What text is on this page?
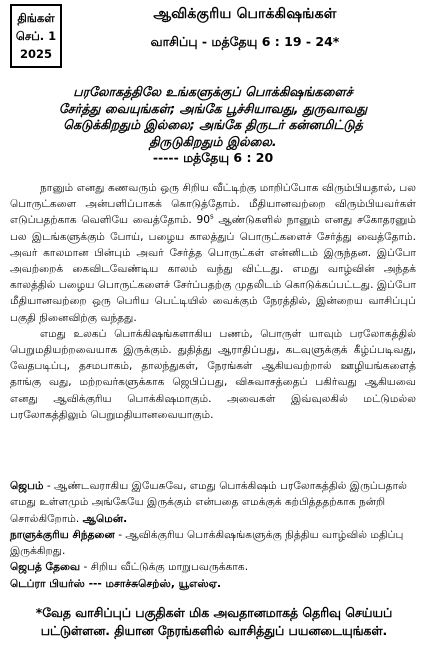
திங்கள்
செப். 1
2025
ஆவிக்குரிய பொக்கிஷங்கள்
வாசிப்பு - மத்தேயு 6 : 19 - 24*
பரலோகத்திலே உங்களுக்குப் பொக்கிஷங்களைச்
சேர்த்து வையுங்கள்; அங்கே பூச்சியாவது, துருவாவது
கெடுக்கிறதும் இல்லை; அங்கே திருடர் கன்னமிட்டுத்
திருடுகிறதும் இல்லை.
----- மத்தேயு 6 : 20

நானும் எனது கணவரும் ஒரு சிறிய வீட்டிற்கு மாறிப்போக விரும்பியதால், பல பொருட்களை அன்பளிப்பாகக் கொடுத்தோம். மீதியானவற்றை விரும்பியவர்கள் எடுப்பதற்காக வெளியே வைத்தோம். 90$^s$ ஆண்டுகளில் நானும் எனது சகோதரனும் பல இடங்களுக்கும் போய், பழைய காலத்துப் பொருட்களைச் சேர்த்து வைத்தோம். அவர் காலமான பின்பும் அவர் சேர்த்த பொருட்கள் என்னிடம் இருந்தன. இப்போ அவற்றைக் கைவிடவேண்டிய காலம் வந்து விட்டது. எமது வாழ்வின் அந்தக் காலத்தில் பழைய பொருட்களைச் சேர்ப்பதற்கு முதலிடம் கொடுக்கப்பட்டது. இப்போ மீதியானவற்றை ஒரு பெரிய பெட்டியில் வைக்கும் நேரத்தில், இன்றைய வாசிப்புப் பகுதி நினைவிற்கு வந்தது.

எமது உலகப் பொக்கிஷங்களாகிய பணம், பொருள் யாவும் பரலோகத்தில் பெறுமதியற்றவையாக இருக்கும். துதித்து ஆராதிப்பது, கடவுளுக்குக் கீழ்ப்படிவது, வேதபடிப்பு, தசமபாகம், தாலந்துகள், நேரங்கள் ஆகியவற்றால் ஊழியங்களைத் தாங்கு வது, மற்றவர்களுக்காக ஜெபிப்பது, விசுவாசத்தைப் பகிர்வது ஆகியவை எனது ஆவிக்குரிய பொக்கிஷமாகும். அவைகள் இவ்வுலகில் மட்டுமல்ல பரலோகத்திலும் பெறுமதியானவையாகும்.

ஜெபம் - ஆண்டவராகிய இயேசுவே, எமது பொக்கிஷம் பரலோகத்தில் இருப்பதால் எமது உள்ளமும் அங்கேயே இருக்கும் என்பதை எமக்குக் கற்பித்ததற்காக நன்றி சொல்கிறோம். ஆமென்.
நாளுக்குரிய சிந்தனை - ஆவிக்குரிய பொக்கிஷங்களுக்கு நித்திய வாழ்வில் மதிப்பு இருக்கிறது.
ஜெபத் தேவை - சிறிய வீட்டுக்கு மாறுபவருக்காக.
டெப்ரா பியர்ஸ் --- மசாச்சுசெற்ஸ், யூஎஸ்ஏ.
*வேத வாசிப்புப் பகுதிகள் மிக அவதானமாகத் தெரிவு செய்யப் பட்டுள்ளன. தியான நேரங்களில் வாசித்துப் பயனடையுங்கள்.
